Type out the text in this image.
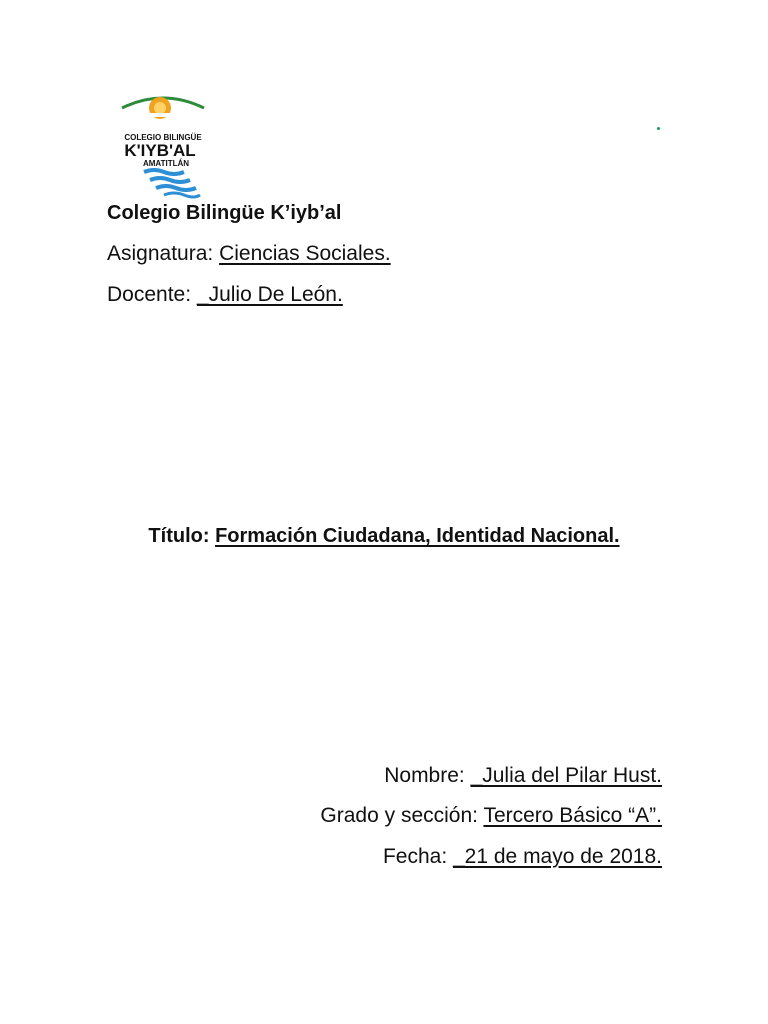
COLEGIO BILINGÜE
K'IYB'AL
AMATITLÁN
Colegio Bilingüe K’iyb’al
Asignatura: Ciencias Sociales.
Docente: _Julio De León.
Título: Formación Ciudadana, Identidad Nacional.
Nombre: _Julia del Pilar Hust.
Grado y sección: Tercero Básico “A”.
Fecha: _21 de mayo de 2018.
